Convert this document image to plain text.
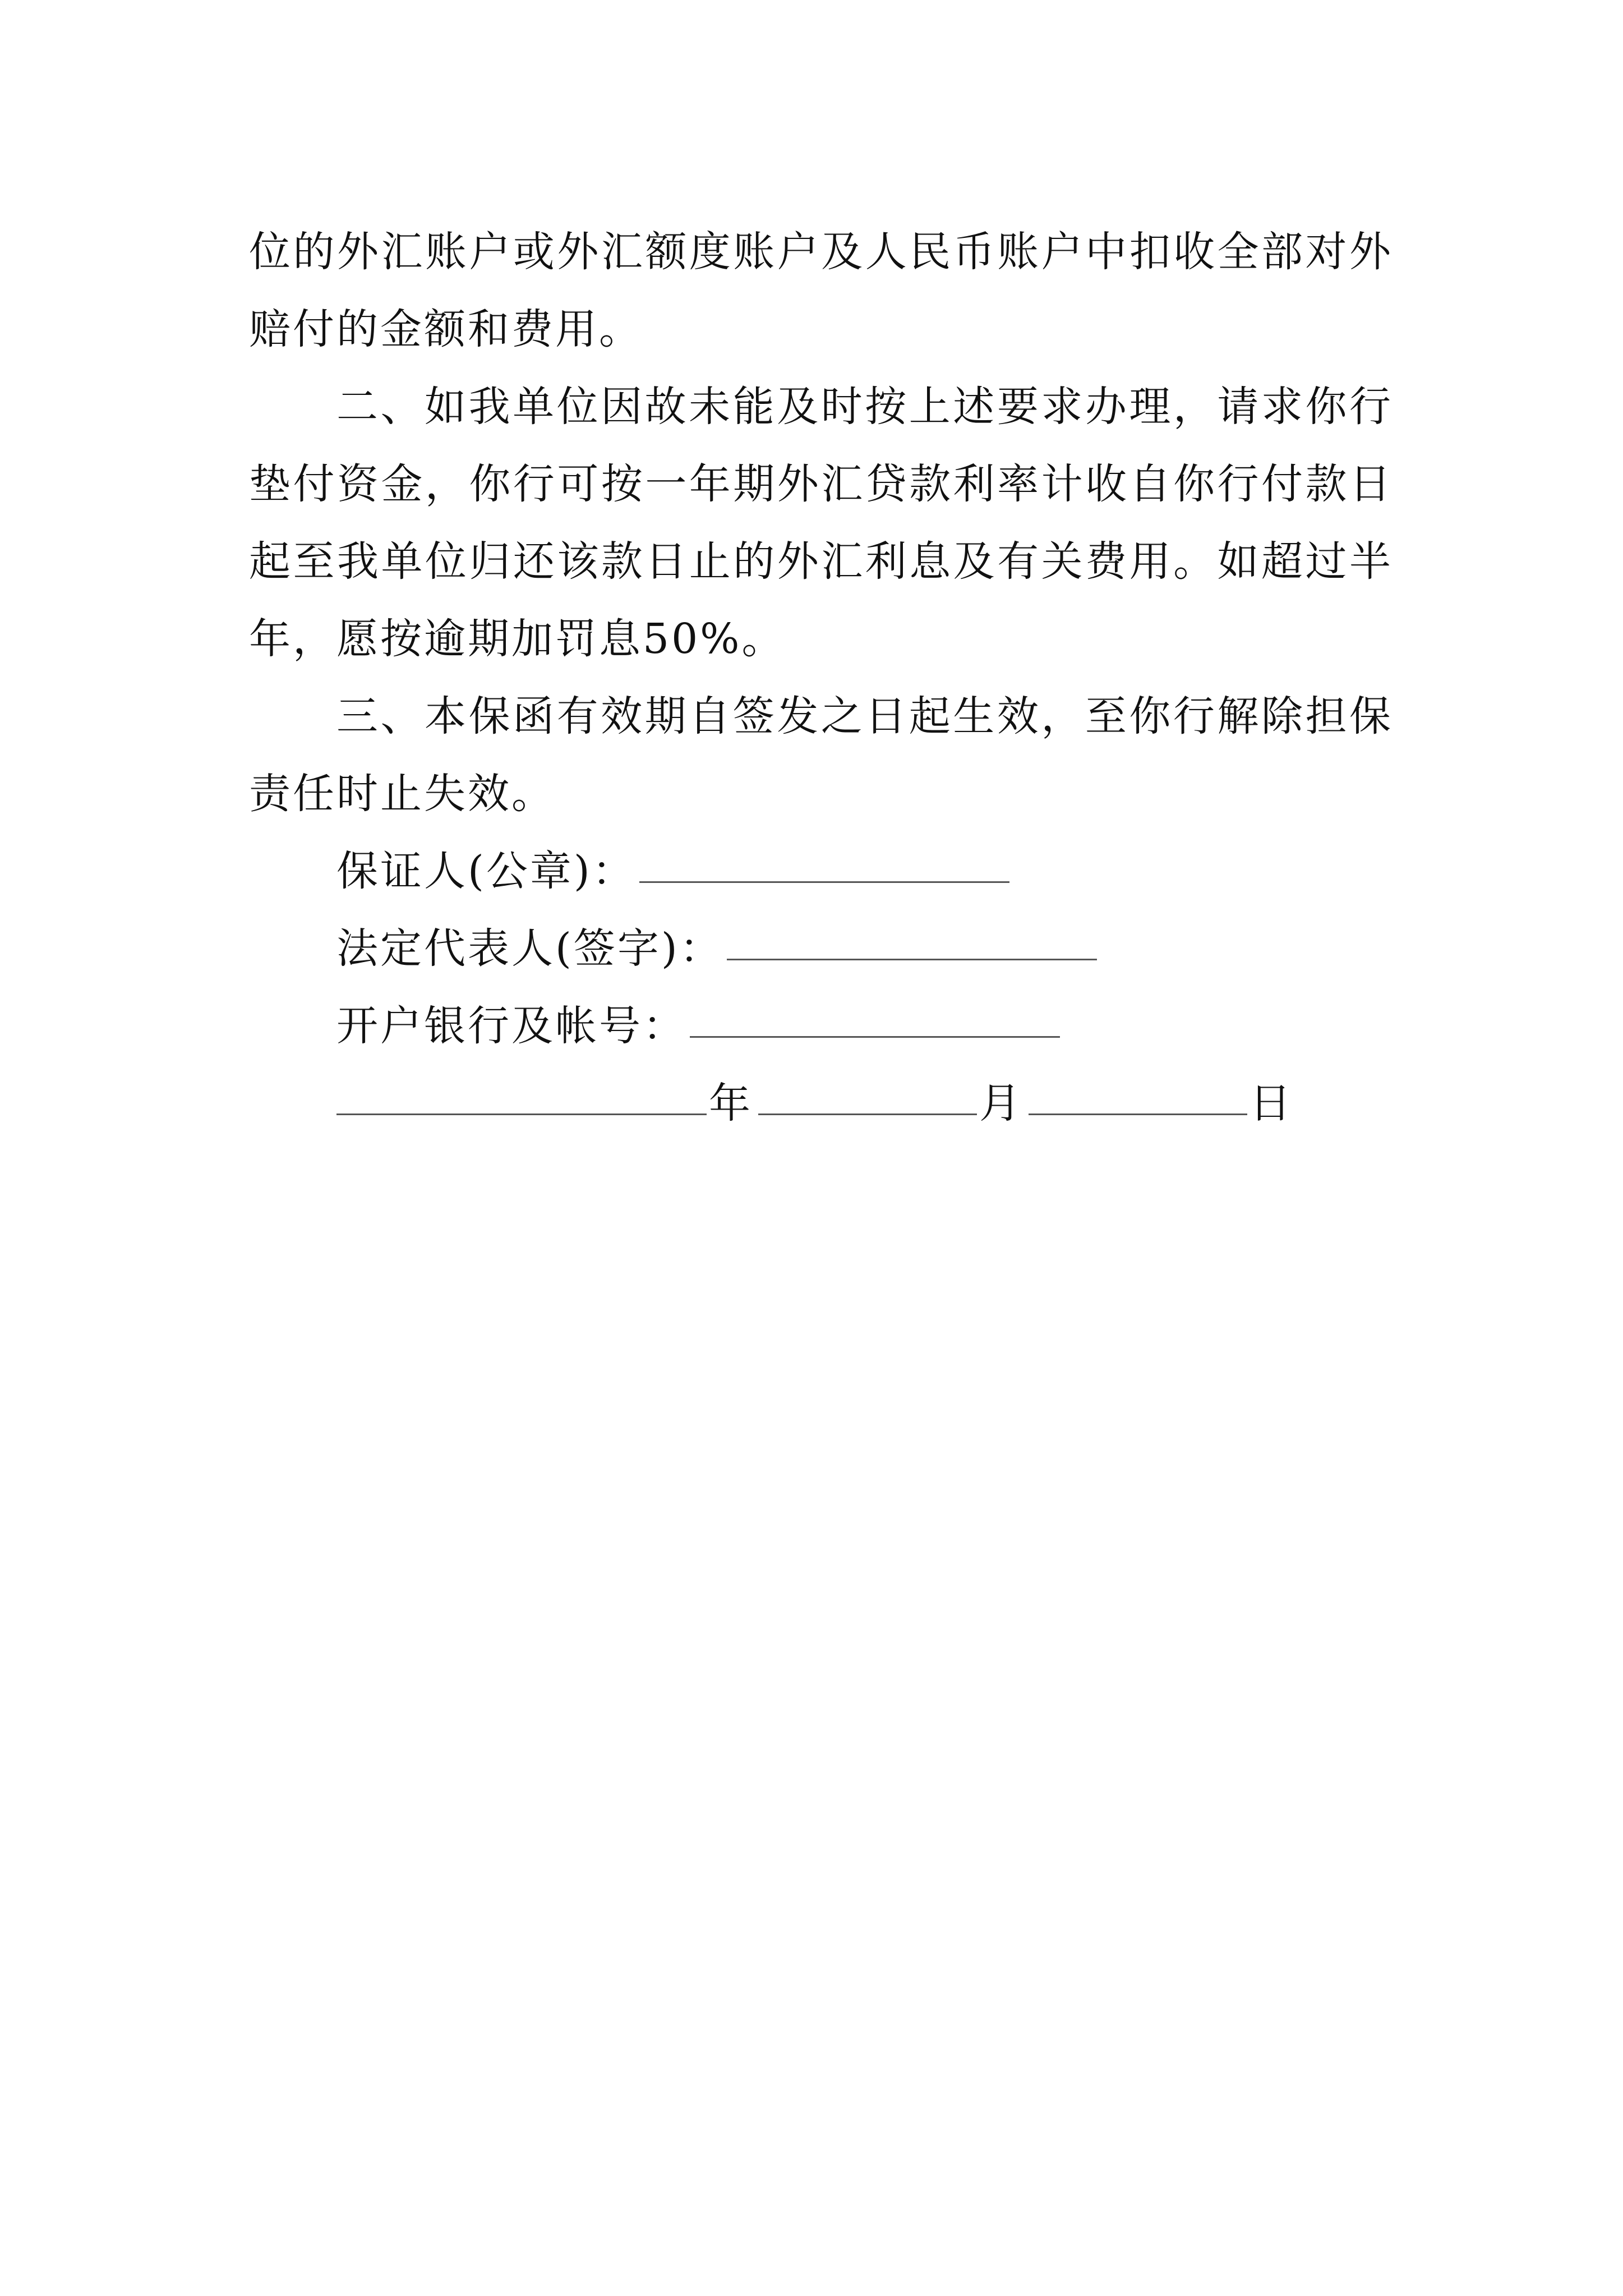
位的外汇账户或外汇额度账户及人民币账户中扣收全部对外赔付的金额和费用。

二、如我单位因故未能及时按上述要求办理，请求你行垫付资金，你行可按一年期外汇贷款利率计收自你行付款日起至我单位归还该款日止的外汇利息及有关费用。如超过半年，愿按逾期加罚息50%。

三、本保函有效期自签发之日起生效，至你行解除担保责任时止失效。

保证人(公章)：
法定代表人(签字)：
开户银行及帐号：
年	月	日
